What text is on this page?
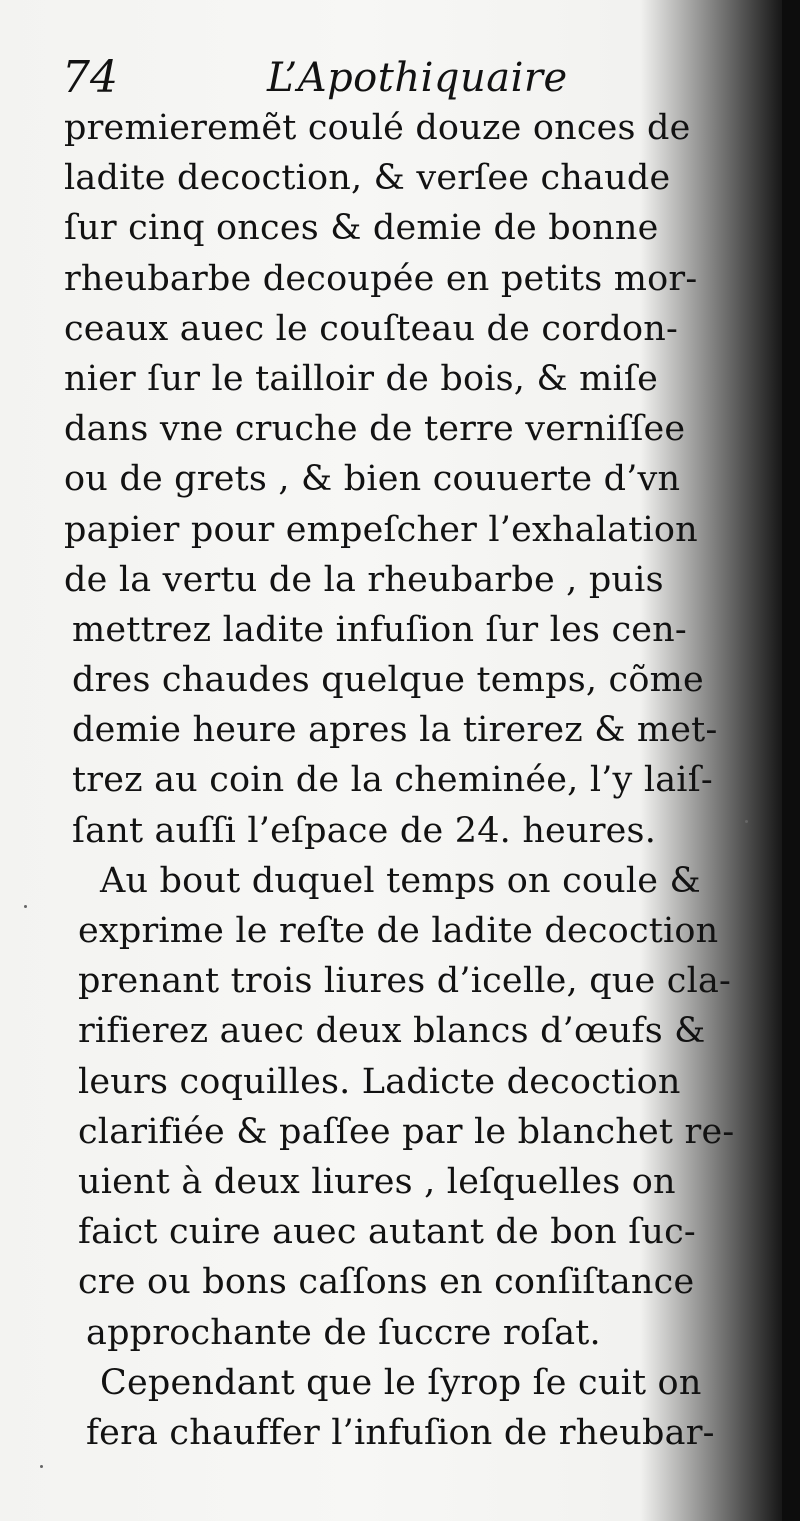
74	L’Apothiquaire
premieremẽt coulé douze onces de
ladite decoction, & verſee chaude
ſur cinq onces & demie de bonne
rheubarbe decoupée en petits mor-
ceaux auec le couſteau de cordon-
nier ſur le tailloir de bois, & miſe
dans vne cruche de terre verniſſee
ou de grets , & bien couuerte d’vn
papier pour empeſcher l’exhalation
de la vertu de la rheubarbe , puis
mettrez ladite infuſion ſur les cen-
dres chaudes quelque temps, cõme
demie heure apres la tirerez & met-
trez au coin de la cheminée, l’y laiſ-
ſant auſſi l’eſpace de 24. heures.
Au bout duquel temps on coule &
exprime le reſte de ladite decoction
prenant trois liures d’icelle, que cla-
rifierez auec deux blancs d’œufs &
leurs coquilles. Ladicte decoction
clarifiée & paſſee par le blanchet re-
uient à deux liures , leſquelles on
faict cuire auec autant de bon ſuc-
cre ou bons caſſons en conſiſtance
approchante de ſuccre roſat.
Cependant que le ſyrop ſe cuit on
fera chauffer l’infuſion de rheubar-
